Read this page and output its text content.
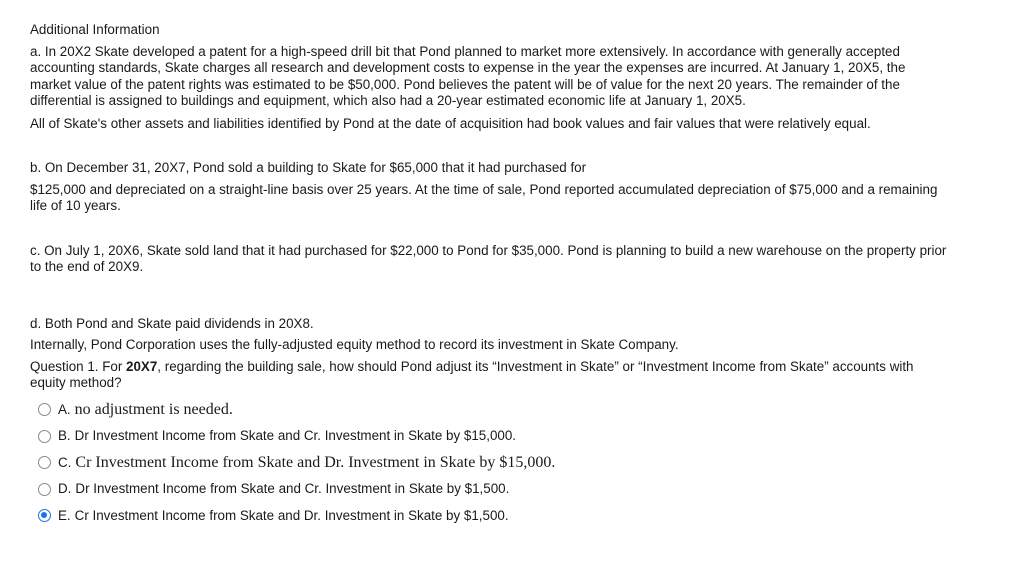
Additional Information

a. In 20X2 Skate developed a patent for a high-speed drill bit that Pond planned to market more extensively. In accordance with generally accepted accounting standards, Skate charges all research and development costs to expense in the year the expenses are incurred. At January 1, 20X5, the market value of the patent rights was estimated to be $50,000. Pond believes the patent will be of value for the next 20 years. The remainder of the differential is assigned to buildings and equipment, which also had a 20-year estimated economic life at January 1, 20X5.

All of Skate's other assets and liabilities identified by Pond at the date of acquisition had book values and fair values that were relatively equal.

b. On December 31, 20X7, Pond sold a building to Skate for $65,000 that it had purchased for

$125,000 and depreciated on a straight-line basis over 25 years. At the time of sale, Pond reported accumulated depreciation of $75,000 and a remaining life of 10 years.

c. On July 1, 20X6, Skate sold land that it had purchased for $22,000 to Pond for $35,000. Pond is planning to build a new warehouse on the property prior to the end of 20X9.

d. Both Pond and Skate paid dividends in 20X8.

Internally, Pond Corporation uses the fully-adjusted equity method to record its investment in Skate Company.

Question 1. For 20X7, regarding the building sale, how should Pond adjust its “Investment in Skate” or “Investment Income from Skate” accounts with equity method?

A. no adjustment is needed.
B. Dr Investment Income from Skate and Cr. Investment in Skate by $15,000.
C. Cr Investment Income from Skate and Dr. Investment in Skate by $15,000.
D. Dr Investment Income from Skate and Cr. Investment in Skate by $1,500.
E. Cr Investment Income from Skate and Dr. Investment in Skate by $1,500.
